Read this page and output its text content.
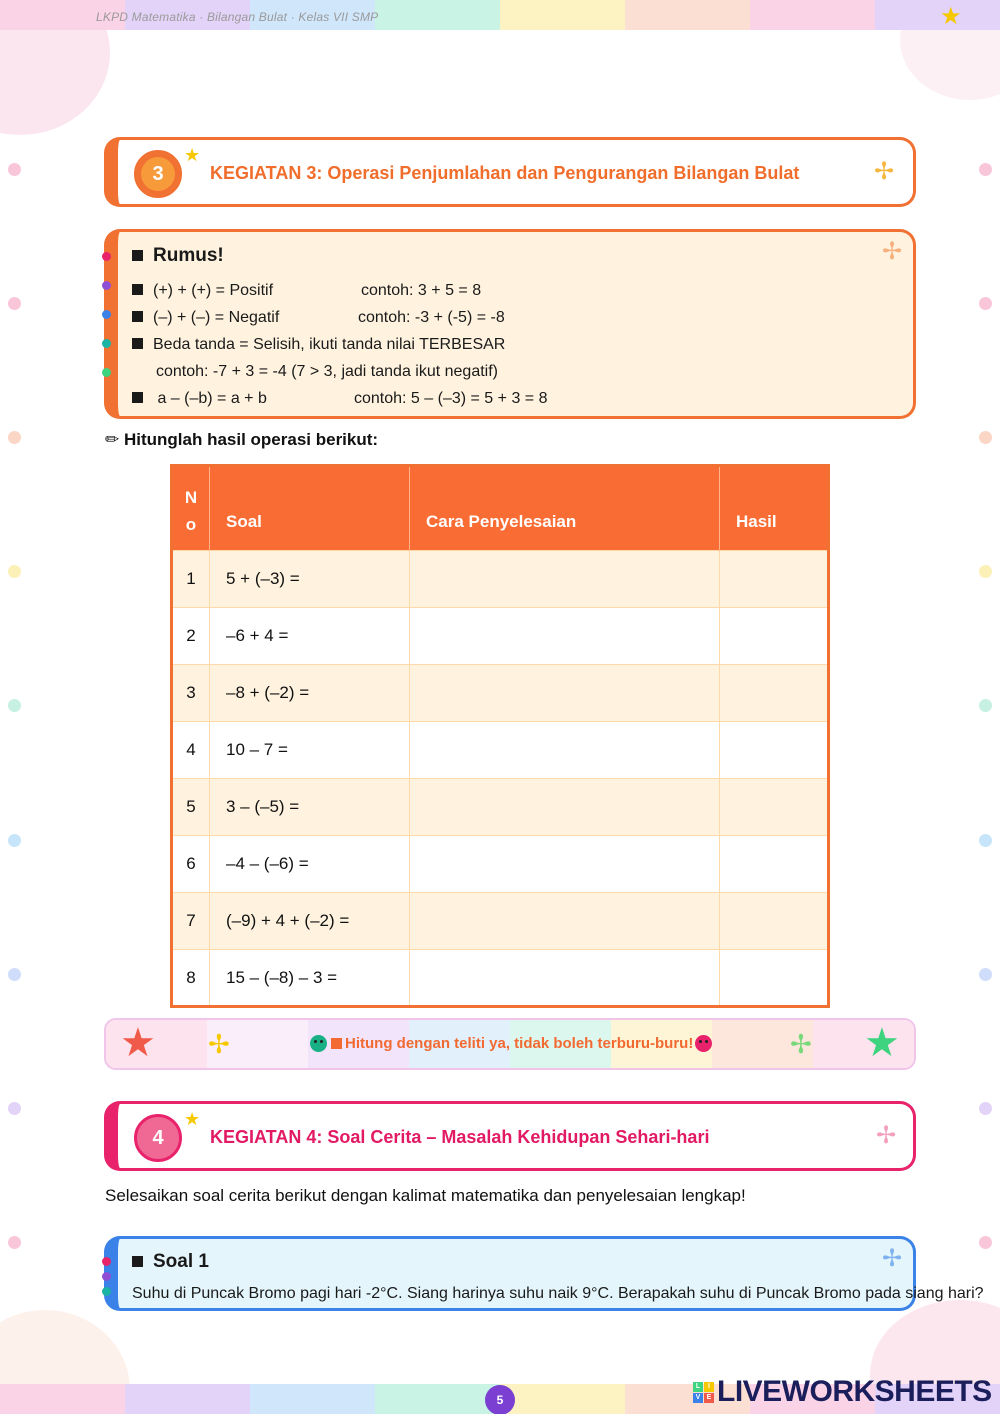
LKPD Matematika · Bilangan Bulat · Kelas VII SMP	★
3
★
KEGIATAN 3: Operasi Penjumlahan dan Pengurangan Bilangan Bulat	✢
Rumus!
(+) + (+) = Positif	contoh: 3 + 5 = 8
(–) + (–) = Negatif	contoh: -3 + (-5) = -8
Beda tanda = Selisih, ikuti tanda nilai TERBESAR
contoh: -7 + 3 = -4 (7 > 3, jadi tanda ikut negatif)
a – (–b) = a + b	contoh: 5 – (–3) = 5 + 3 = 8
✢
✏ Hitunglah hasil operasi berikut:
N
o	Soal	Cara Penyelesaian	Hasil
1	5 + (–3) =		
2	–6 + 4 =		
3	–8 + (–2) =		
4	10 – 7 =		
5	3 – (–5) =		
6	–4 – (–6) =		
7	(–9) + 4 + (–2) =		
8	15 – (–8) – 3 =		
★ ✢	Hitung dengan teliti ya, tidak boleh terburu-buru!	✢ ★
4
★
KEGIATAN 4: Soal Cerita – Masalah Kehidupan Sehari-hari	✢
Selesaikan soal cerita berikut dengan kalimat matematika dan penyelesaian lengkap!
Soal 1	✢
Suhu di Puncak Bromo pagi hari -2°C. Siang harinya suhu naik 9°C. Berapakah suhu di Puncak Bromo pada siang hari?
5
L	I
V E LIVEWORKSHEETS
